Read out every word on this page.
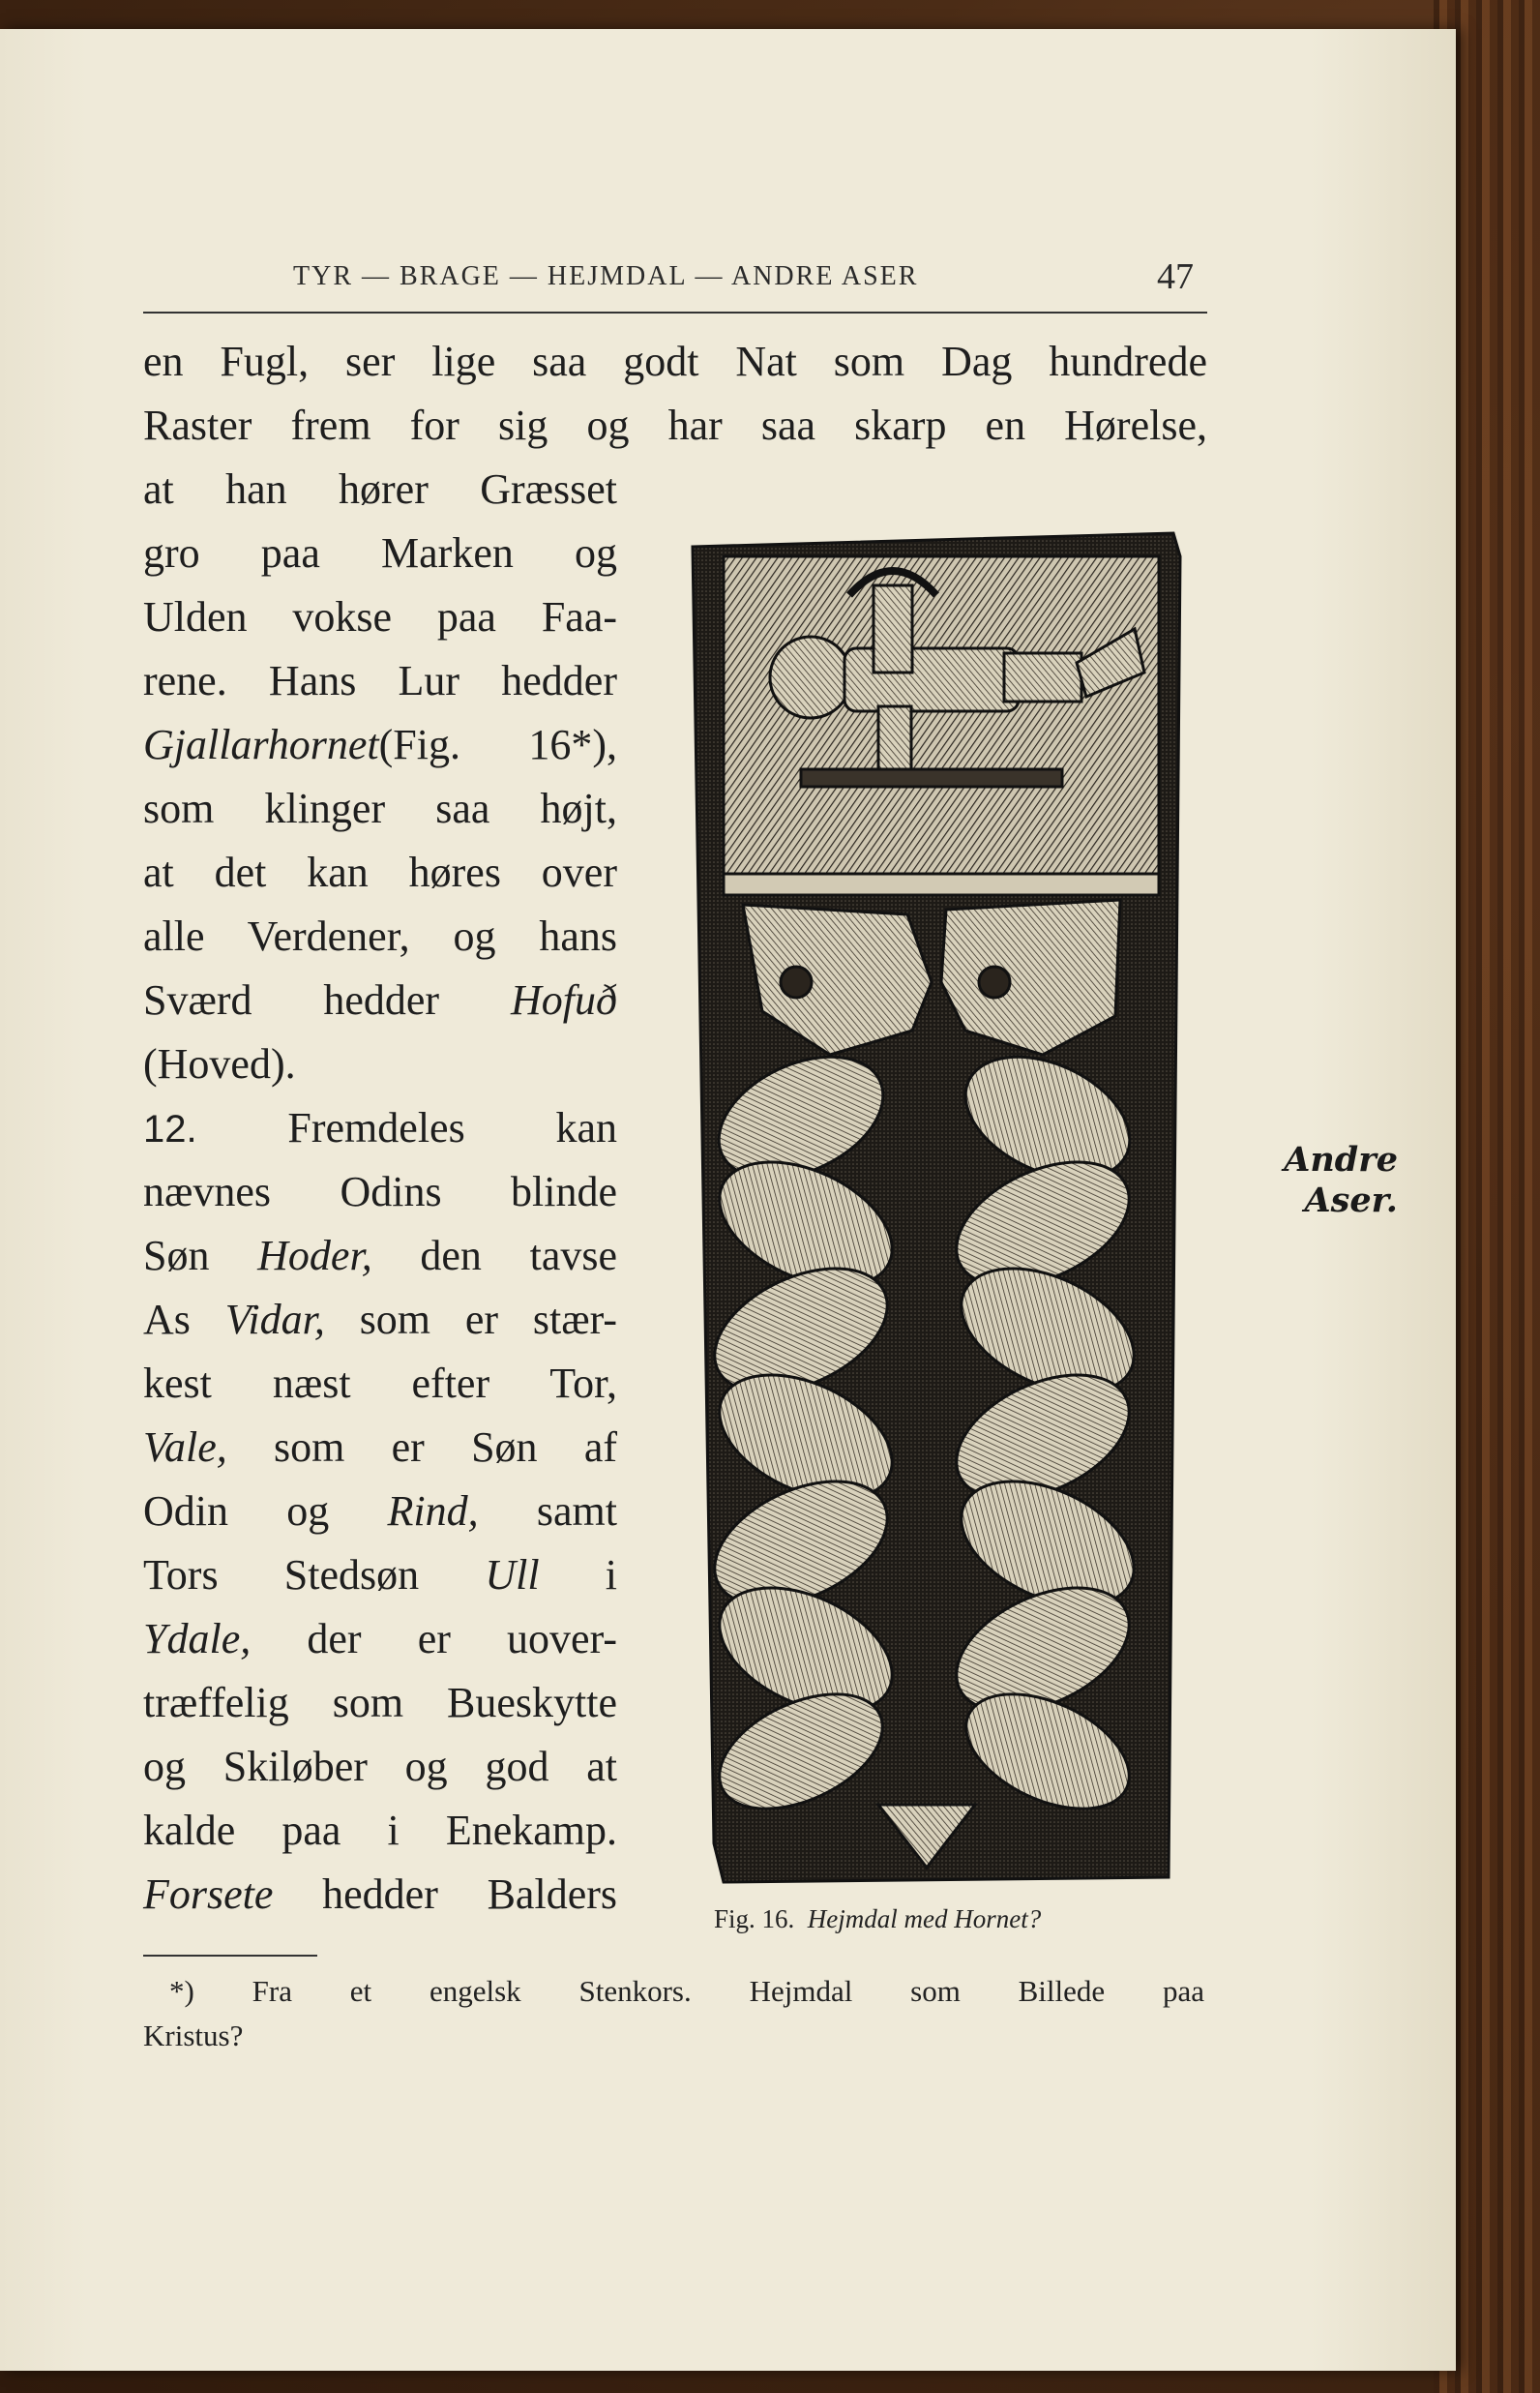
TYR — BRAGE — HEJMDAL — ANDRE ASER	47
en Fugl, ser lige saa godt Nat som Dag hundrede
Raster frem for sig og har saa skarp en Hørelse,
at han hører Græsset
gro paa Marken og
Ulden vokse paa Faa-
rene. Hans Lur hedder
Gjallarhornet(Fig. 16*),
som klinger saa højt,
at det kan høres over
alle Verdener, og hans
Sværd hedder Hofuð
(Hoved).
12. Fremdeles kan
nævnes Odins blinde
Søn Hoder, den tavse
As Vidar, som er stær-
kest næst efter Tor,
Vale, som er Søn af
Odin og Rind, samt
Tors Stedsøn Ull i
Ydale, der er uover-
træffelig som Bueskytte
og Skiløber og god at
kalde paa i Enekamp.
Forsete hedder Balders
Fig. 16. Hejmdal med Hornet?
Andre
Aser.
*) Fra et engelsk Stenkors. Hejmdal som Billede paa
Kristus?
